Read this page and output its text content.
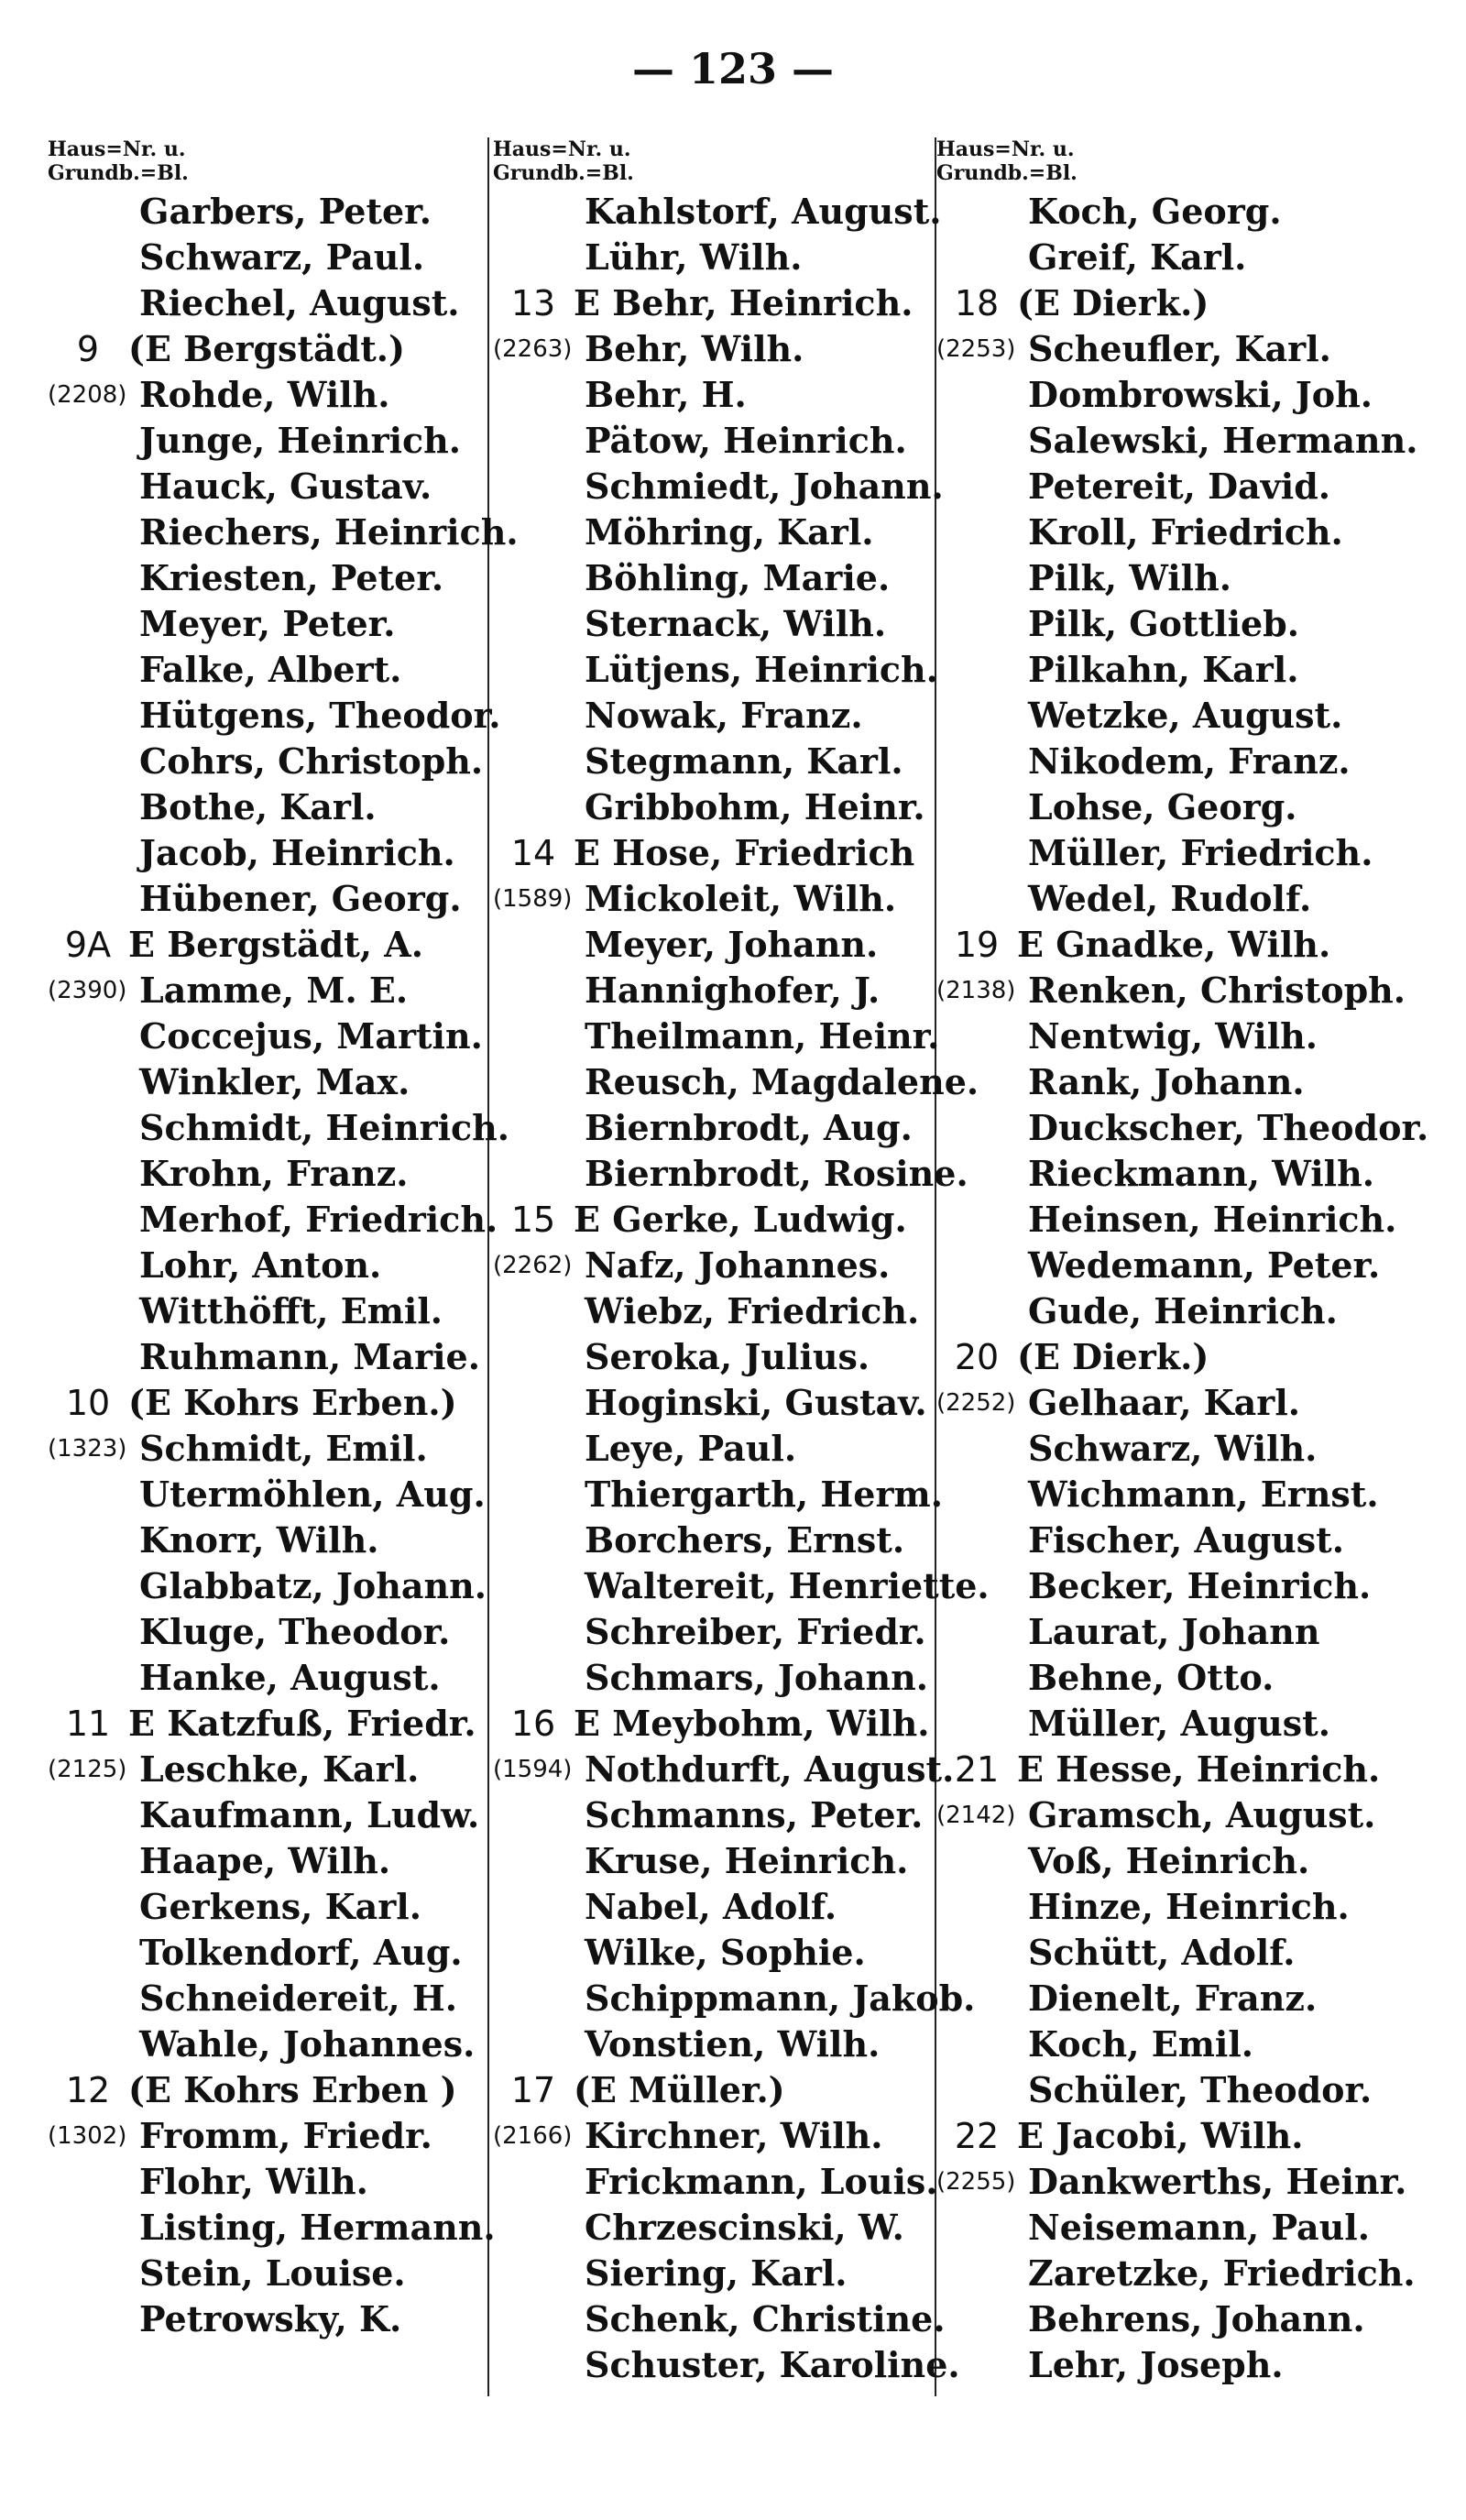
— 123 —
Haus=Nr. u.
Grundb.=Bl.
Garbers, Peter.
Schwarz, Paul.
Riechel, August.
9 (E Bergstädt.)
(2208) Rohde, Wilh.
Junge, Heinrich.
Hauck, Gustav.
Riechers, Heinrich.
Kriesten, Peter.
Meyer, Peter.
Falke, Albert.
Hütgens, Theodor.
Cohrs, Christoph.
Bothe, Karl.
Jacob, Heinrich.
Hübener, Georg.
9A E Bergstädt, A.
(2390) Lamme, M. E.
Coccejus, Martin.
Winkler, Max.
Schmidt, Heinrich.
Krohn, Franz.
Merhof, Friedrich.
Lohr, Anton.
Witthöfft, Emil.
Ruhmann, Marie.
10 (E Kohrs Erben.)
(1323) Schmidt, Emil.
Utermöhlen, Aug.
Knorr, Wilh.
Glabbatz, Johann.
Kluge, Theodor.
Hanke, August.
11 E Katzfuß, Friedr.
(2125) Leschke, Karl.
Kaufmann, Ludw.
Haape, Wilh.
Gerkens, Karl.
Tolkendorf, Aug.
Schneidereit, H.
Wahle, Johannes.
12 (E Kohrs Erben )
(1302) Fromm, Friedr.
Flohr, Wilh.
Listing, Hermann.
Stein, Louise.
Petrowsky, K.
Haus=Nr. u.
Grundb.=Bl.
Kahlstorf, August.
Lühr, Wilh.
13 E Behr, Heinrich.
(2263) Behr, Wilh.
Behr, H.
Pätow, Heinrich.
Schmiedt, Johann.
Möhring, Karl.
Böhling, Marie.
Sternack, Wilh.
Lütjens, Heinrich.
Nowak, Franz.
Stegmann, Karl.
Gribbohm, Heinr.
14 E Hose, Friedrich
(1589) Mickoleit, Wilh.
Meyer, Johann.
Hannighofer, J.
Theilmann, Heinr.
Reusch, Magdalene.
Biernbrodt, Aug.
Biernbrodt, Rosine.
15 E Gerke, Ludwig.
(2262) Nafz, Johannes.
Wiebz, Friedrich.
Seroka, Julius.
Hoginski, Gustav.
Leye, Paul.
Thiergarth, Herm.
Borchers, Ernst.
Waltereit, Henriette.
Schreiber, Friedr.
Schmars, Johann.
16 E Meybohm, Wilh.
(1594) Nothdurft, August.
Schmanns, Peter.
Kruse, Heinrich.
Nabel, Adolf.
Wilke, Sophie.
Schippmann, Jakob.
Vonstien, Wilh.
17 (E Müller.)
(2166) Kirchner, Wilh.
Frickmann, Louis.
Chrzescinski, W.
Siering, Karl.
Schenk, Christine.
Schuster, Karoline.
Haus=Nr. u.
Grundb.=Bl.
Koch, Georg.
Greif, Karl.
18 (E Dierk.)
(2253) Scheufler, Karl.
Dombrowski, Joh.
Salewski, Hermann.
Petereit, David.
Kroll, Friedrich.
Pilk, Wilh.
Pilk, Gottlieb.
Pilkahn, Karl.
Wetzke, August.
Nikodem, Franz.
Lohse, Georg.
Müller, Friedrich.
Wedel, Rudolf.
19 E Gnadke, Wilh.
(2138) Renken, Christoph.
Nentwig, Wilh.
Rank, Johann.
Duckscher, Theodor.
Rieckmann, Wilh.
Heinsen, Heinrich.
Wedemann, Peter.
Gude, Heinrich.
20 (E Dierk.)
(2252) Gelhaar, Karl.
Schwarz, Wilh.
Wichmann, Ernst.
Fischer, August.
Becker, Heinrich.
Laurat, Johann
Behne, Otto.
Müller, August.
21 E Hesse, Heinrich.
(2142) Gramsch, August.
Voß, Heinrich.
Hinze, Heinrich.
Schütt, Adolf.
Dienelt, Franz.
Koch, Emil.
Schüler, Theodor.
22 E Jacobi, Wilh.
(2255) Dankwerths, Heinr.
Neisemann, Paul.
Zaretzke, Friedrich.
Behrens, Johann.
Lehr, Joseph.
